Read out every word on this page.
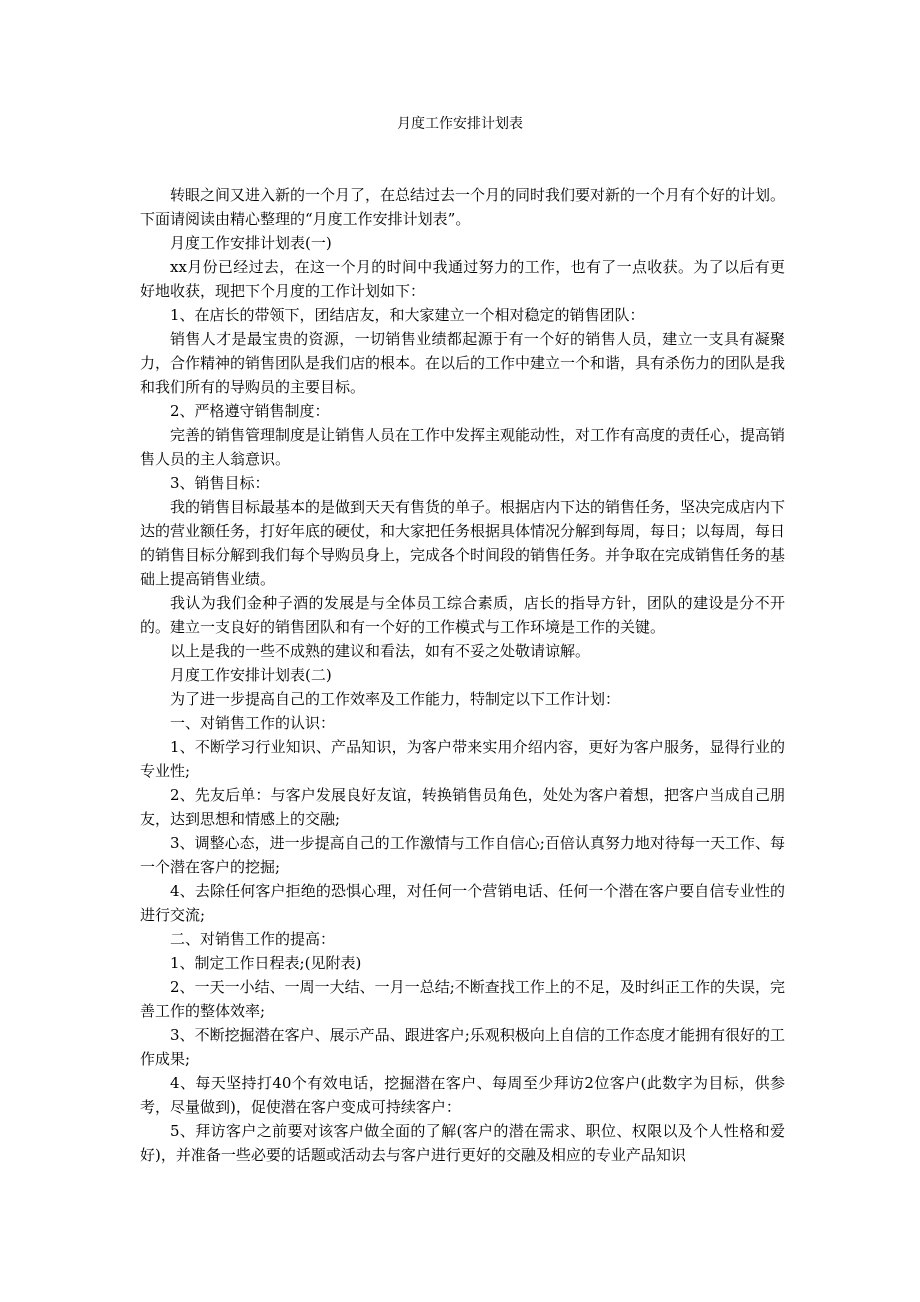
月度工作安排计划表

转眼之间又进入新的一个月了，在总结过去一个月的同时我们要对新的一个月有个好的计划。下面请阅读由精心整理的“月度工作安排计划表”。

月度工作安排计划表(一)

xx月份已经过去，在这一个月的时间中我通过努力的工作，也有了一点收获。为了以后有更好地收获，现把下个月度的工作计划如下：

1、在店长的带领下，团结店友，和大家建立一个相对稳定的销售团队：

销售人才是最宝贵的资源，一切销售业绩都起源于有一个好的销售人员，建立一支具有凝聚力，合作精神的销售团队是我们店的根本。在以后的工作中建立一个和谐，具有杀伤力的团队是我和我们所有的导购员的主要目标。

2、严格遵守销售制度：

完善的销售管理制度是让销售人员在工作中发挥主观能动性，对工作有高度的责任心，提高销售人员的主人翁意识。

3、销售目标：

我的销售目标最基本的是做到天天有售货的单子。根据店内下达的销售任务，坚决完成店内下达的营业额任务，打好年底的硬仗，和大家把任务根据具体情况分解到每周，每日；以每周，每日的销售目标分解到我们每个导购员身上，完成各个时间段的销售任务。并争取在完成销售任务的基础上提高销售业绩。

我认为我们金种子酒的发展是与全体员工综合素质，店长的指导方针，团队的建设是分不开的。建立一支良好的销售团队和有一个好的工作模式与工作环境是工作的关键。

以上是我的一些不成熟的建议和看法，如有不妥之处敬请谅解。

月度工作安排计划表(二)

为了进一步提高自己的工作效率及工作能力，特制定以下工作计划：

一、对销售工作的认识：

1、不断学习行业知识、产品知识，为客户带来实用介绍内容，更好为客户服务，显得行业的专业性;

2、先友后单：与客户发展良好友谊，转换销售员角色，处处为客户着想，把客户当成自己朋友，达到思想和情感上的交融;

3、调整心态，进一步提高自己的工作激情与工作自信心;百倍认真努力地对待每一天工作、每一个潜在客户的挖掘;

4、去除任何客户拒绝的恐惧心理，对任何一个营销电话、任何一个潜在客户要自信专业性的进行交流;

二、对销售工作的提高：

1、制定工作日程表;(见附表)

2、一天一小结、一周一大结、一月一总结;不断查找工作上的不足，及时纠正工作的失误，完善工作的整体效率;

3、不断挖掘潜在客户、展示产品、跟进客户;乐观积极向上自信的工作态度才能拥有很好的工作成果;

4、每天坚持打40个有效电话，挖掘潜在客户、每周至少拜访2位客户(此数字为目标，供参考，尽量做到)，促使潜在客户变成可持续客户：

5、拜访客户之前要对该客户做全面的了解(客户的潜在需求、职位、权限以及个人性格和爱好)，并准备一些必要的话题或活动去与客户进行更好的交融及相应的专业产品知识
